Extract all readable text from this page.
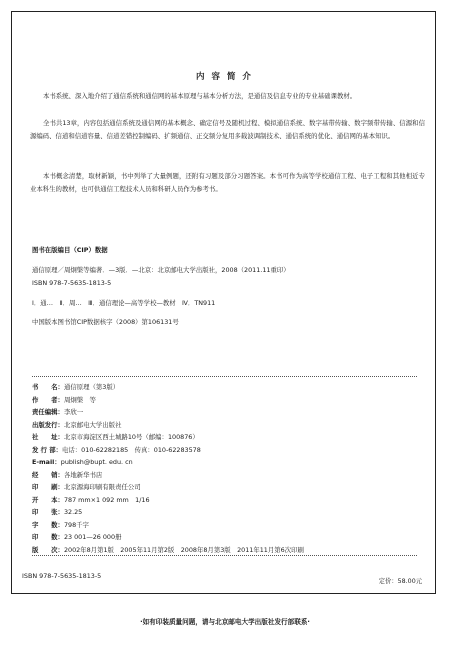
内 容 简 介
本书系统、深入地介绍了通信系统和通信网的基本原理与基本分析方法，是通信及信息专业的专业基础课教材。
全书共13章，内容包括通信系统及通信网的基本概念、确定信号及随机过程、模拟通信系统、数字基带传输、数字频带传输、信源和信源编码、信道和信道容量、信道差错控制编码、扩频通信、正交频分复用多载波调制技术、通信系统的优化、通信网的基本知识。
本书概念清楚，取材新颖，书中列举了大量例题，还附有习题及部分习题答案。本书可作为高等学校通信工程、电子工程和其他相近专业本科生的教材，也可供通信工程技术人员和科研人员作为参考书。
图书在版编目（CIP）数据
通信原理／周炯槃等编著．—3版．—北京：北京邮电大学出版社，2008（2011.11重印）
ISBN 978-7-5635-1813-5
Ⅰ．通…　Ⅱ．周…　Ⅲ．通信理论—高等学校—教材　Ⅳ．TN911
中国版本图书馆CIP数据核字（2008）第106131号
书　　名：通信原理（第3版）
作　　者：周炯槃　等
责任编辑：李欣一
出版发行：北京邮电大学出版社
社　　址：北京市海淀区西土城路10号（邮编：100876）
发 行 部：电话：010-62282185　传真：010-62283578
E-mail：publish@bupt. edu. cn
经　　销：各地新华书店
印　　刷：北京源海印刷有限责任公司
开　　本：787 mm×1 092 mm　1/16
印　　张：32.25
字　　数：798千字
印　　数：23 001—26 000册
版　　次：2002年8月第1版　2005年11月第2版　2008年8月第3版　2011年11月第6次印刷
ISBN 978-7-5635-1813-5
定价：58.00元
·如有印装质量问题，请与北京邮电大学出版社发行部联系·
